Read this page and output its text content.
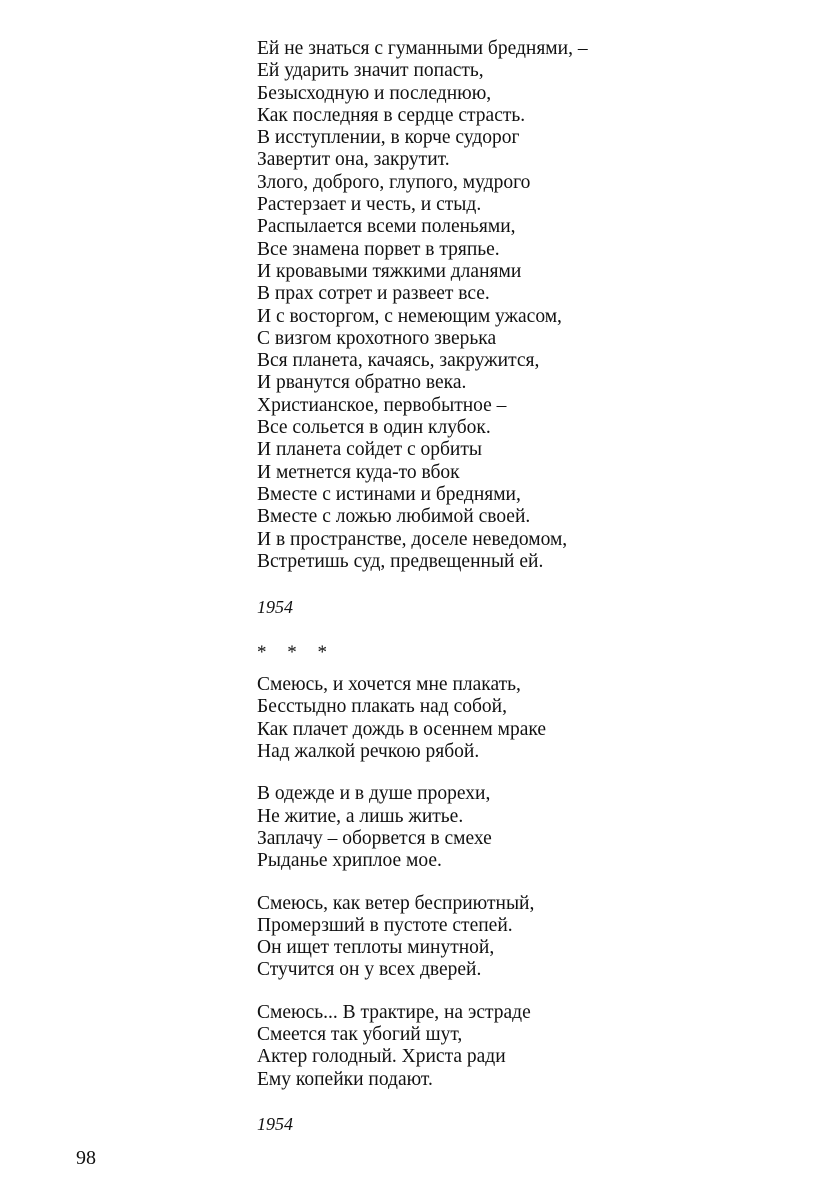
Ей не знаться с гуманными бреднями, –
Ей ударить значит попасть,
Безысходную и последнюю,
Как последняя в сердце страсть.
В исступлении, в корче судорог
Завертит она, закрутит.
Злого, доброго, глупого, мудрого
Растерзает и честь, и стыд.
Распылается всеми поленьями,
Все знамена порвет в тряпье.
И кровавыми тяжкими дланями
В прах сотрет и развеет все.
И с восторгом, с немеющим ужасом,
С визгом крохотного зверька
Вся планета, качаясь, закружится,
И рванутся обратно века.
Христианское, первобытное –
Все сольется в один клубок.
И планета сойдет с орбиты
И метнется куда-то вбок
Вместе с истинами и бреднями,
Вместе с ложью любимой своей.
И в пространстве, доселе неведомом,
Встретишь суд, предвещенный ей.
1954
* * *
Смеюсь, и хочется мне плакать,
Бесстыдно плакать над собой,
Как плачет дождь в осеннем мраке
Над жалкой речкою рябой.
В одежде и в душе прорехи,
Не житие, а лишь житье.
Заплачу – оборвется в смехе
Рыданье хриплое мое.
Смеюсь, как ветер бесприютный,
Промерзший в пустоте степей.
Он ищет теплоты минутной,
Стучится он у всех дверей.
Смеюсь... В трактире, на эстраде
Смеется так убогий шут,
Актер голодный. Христа ради
Ему копейки подают.
1954
98
